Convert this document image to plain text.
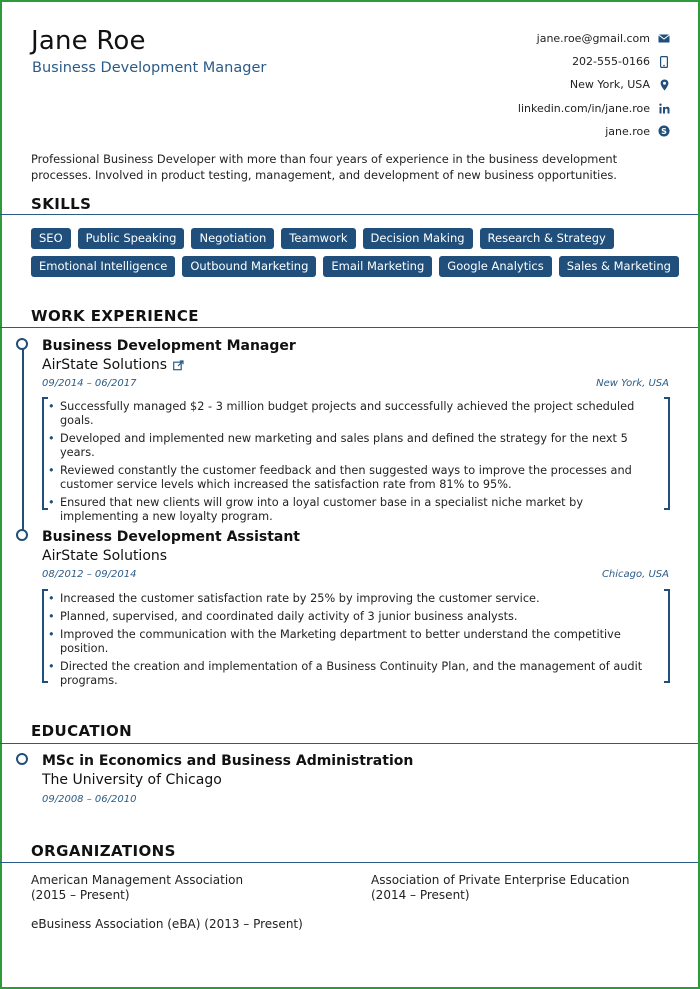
Jane Roe
Business Development Manager
jane.roe@gmail.com
202-555-0166
New York, USA
linkedin.com/in/jane.roe
jane.roe S
Professional Business Developer with more than four years of experience in the business development processes. Involved in product testing, management, and development of new business opportunities.
SKILLS
SEO	Public Speaking	Negotiation	Teamwork	Decision Making	Research & Strategy
Emotional Intelligence	Outbound Marketing	Email Marketing	Google Analytics	Sales & Marketing
WORK EXPERIENCE
Business Development Manager
AirState Solutions
09/2014 – 06/2017	New York, USA
• Successfully managed $2 - 3 million budget projects and successfully achieved the project scheduled goals.
• Developed and implemented new marketing and sales plans and defined the strategy for the next 5 years.
• Reviewed constantly the customer feedback and then suggested ways to improve the processes and customer service levels which increased the satisfaction rate from 81% to 95%.
• Ensured that new clients will grow into a loyal customer base in a specialist niche market by implementing a new loyalty program.
Business Development Assistant
AirState Solutions
08/2012 – 09/2014	Chicago, USA
• Increased the customer satisfaction rate by 25% by improving the customer service.
• Planned, supervised, and coordinated daily activity of 3 junior business analysts.
• Improved the communication with the Marketing department to better understand the competitive position.
• Directed the creation and implementation of a Business Continuity Plan, and the management of audit programs.
EDUCATION
MSc in Economics and Business Administration
The University of Chicago
09/2008 – 06/2010
ORGANIZATIONS
American Management Association
(2015 – Present)
Association of Private Enterprise Education
(2014 – Present)
eBusiness Association (eBA) (2013 – Present)
